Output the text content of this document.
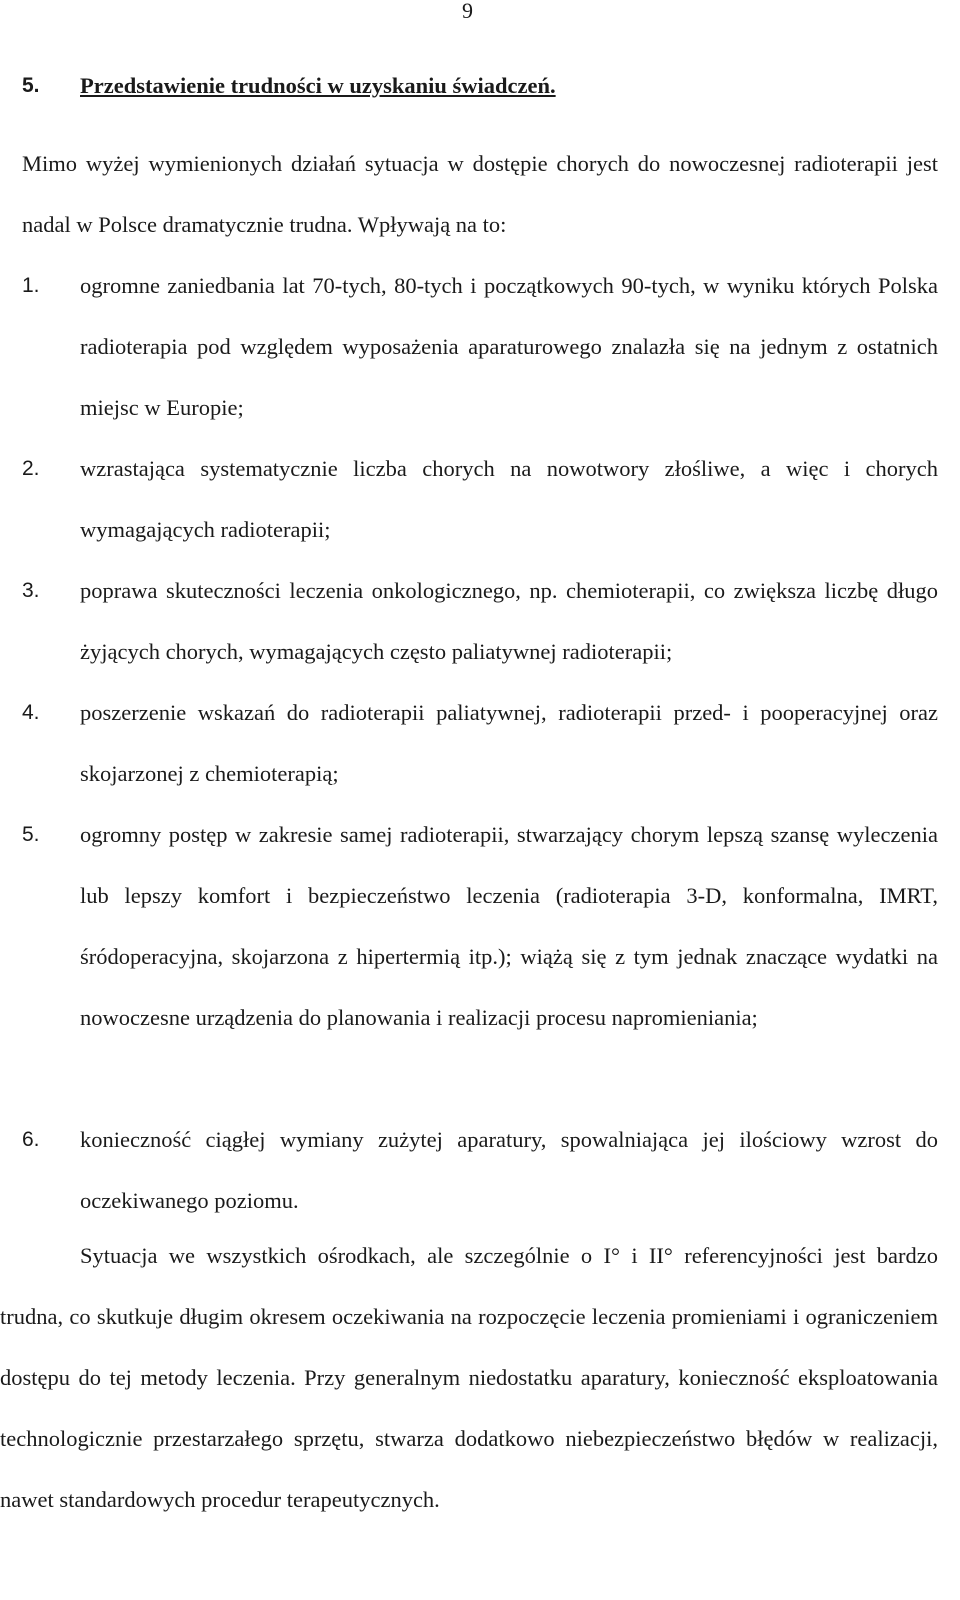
9
5. Przedstawienie trudności w uzyskaniu świadczeń.
Mimo wyżej wymienionych działań sytuacja w dostępie chorych do nowoczesnej radioterapii jest nadal w Polsce dramatycznie trudna. Wpływają na to:
1. ogromne zaniedbania lat 70-tych, 80-tych i początkowych 90-tych, w wyniku których Polska radioterapia pod względem wyposażenia aparaturowego znalazła się na jednym z ostatnich miejsc w Europie;
2. wzrastająca systematycznie liczba chorych na nowotwory złośliwe, a więc i chorych wymagających radioterapii;
3. poprawa skuteczności leczenia onkologicznego, np. chemioterapii, co zwiększa liczbę długo żyjących chorych, wymagających często paliatywnej radioterapii;
4. poszerzenie wskazań do radioterapii paliatywnej, radioterapii przed- i pooperacyjnej oraz skojarzonej z chemioterapią;
5. ogromny postęp w zakresie samej radioterapii, stwarzający chorym lepszą szansę wyleczenia lub lepszy komfort i bezpieczeństwo leczenia (radioterapia 3-D, konformalna, IMRT, śródoperacyjna, skojarzona z hipertermią itp.); wiążą się z tym jednak znaczące wydatki na nowoczesne urządzenia do planowania i realizacji procesu napromieniania;
6. konieczność ciągłej wymiany zużytej aparatury, spowalniająca jej ilościowy wzrost do oczekiwanego poziomu.
Sytuacja we wszystkich ośrodkach, ale szczególnie o I° i II° referencyjności jest bardzo trudna, co skutkuje długim okresem oczekiwania na rozpoczęcie leczenia promieniami i ograniczeniem dostępu do tej metody leczenia. Przy generalnym niedostatku aparatury, konieczność eksploatowania technologicznie przestarzałego sprzętu, stwarza dodatkowo niebezpieczeństwo błędów w realizacji, nawet standardowych procedur terapeutycznych.
